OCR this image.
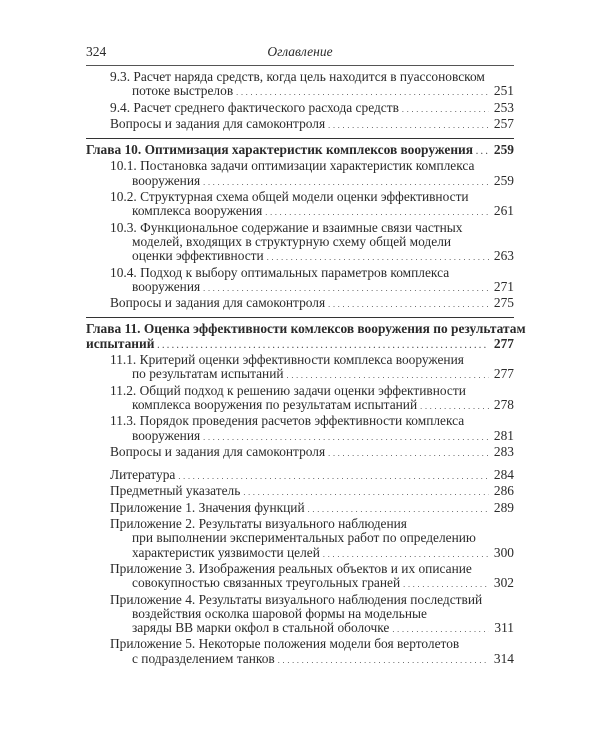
324	Оглавление
9.3. Расчет наряда средств, когда цель находится в пуассоновском
потоке выстрелов . . .	251
9.4. Расчет среднего фактического расхода средств . . .	253
Вопросы и задания для самоконтроля . . .	257
Глава 10. Оптимизация характеристик комплексов вооружения . . . 259
10.1. Постановка задачи оптимизации характеристик комплекса
вооружения . . .	259
10.2. Структурная схема общей модели оценки эффективности
комплекса вооружения . . .	261
10.3. Функциональное содержание и взаимные связи частных
моделей, входящих в структурную схему общей модели
оценки эффективности . . .	263
10.4. Подход к выбору оптимальных параметров комплекса
вооружения . . .	271
Вопросы и задания для самоконтроля . . .	275
Глава 11. Оценка эффективности комлексов вооружения по результатам
испытаний . . .	277
11.1. Критерий оценки эффективности комплекса вооружения
по результатам испытаний . . .	277
11.2. Общий подход к решению задачи оценки эффективности
комплекса вооружения по результатам испытаний . . .	278
11.3. Порядок проведения расчетов эффективности комплекса
вооружения . . .	281
Вопросы и задания для самоконтроля . . .	283
Литература . . .	284
Предметный указатель . . .	286
Приложение 1. Значения функций . . .	289
Приложение 2. Результаты визуального наблюдения
при выполнении экспериментальных работ по определению
характеристик уязвимости целей . . .	300
Приложение 3. Изображения реальных объектов и их описание
совокупностью связанных треугольных граней . . .	302
Приложение 4. Результаты визуального наблюдения последствий
воздействия осколка шаровой формы на модельные
заряды ВВ марки окфол в стальной оболочке . . .	311
Приложение 5. Некоторые положения модели боя вертолетов
с подразделением танков . . .	314
